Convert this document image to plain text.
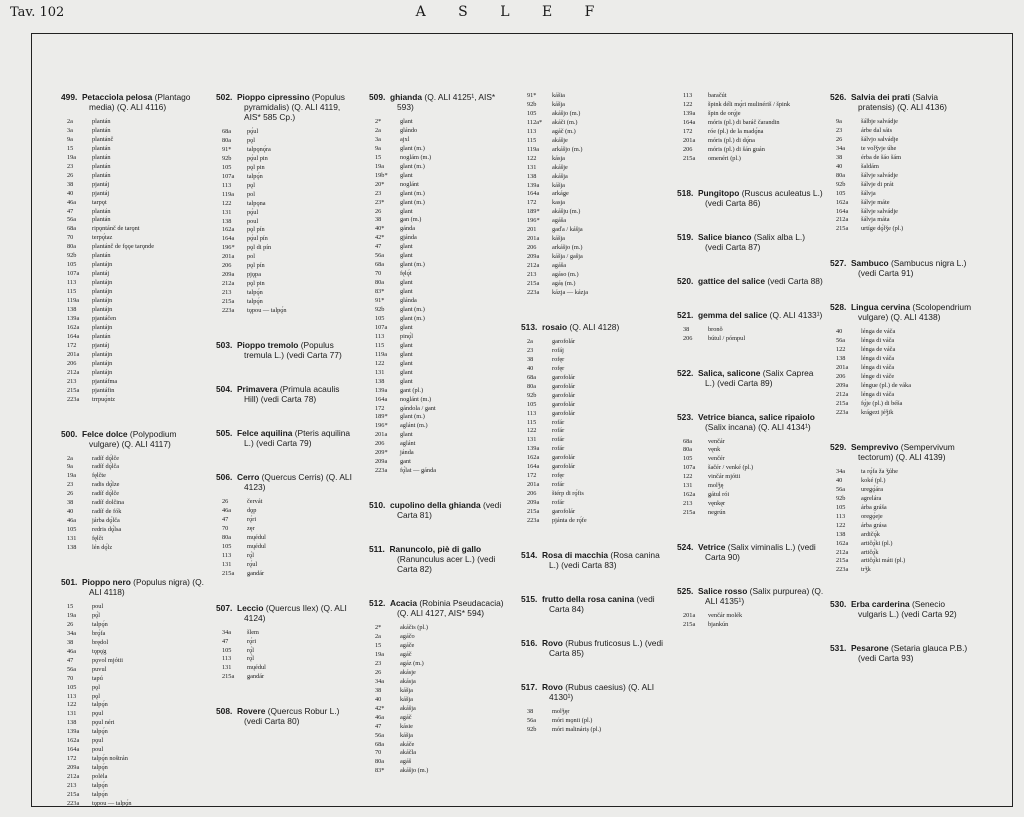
Tav. 102	A S L E F
499. Petacciola pelosa (Plantago media) (Q. ALI 4116)
2a	plantán
3a	plantán
9a	plantánč
15	plantán
19a	plantán
23	plantán
26	plantán
38	pjantáj
40	pjantáj
46a	tarpǫt
47	plantán
56a	plantán
68a	ripǫntánč de tarǫnt
70	terpǫ́taz
80a	plantánč de fǫǫe tarǫnde
92b	plantán
105	plantájn
107a	plantáj
113	plantájn
115	plantájn
119a	plantájn
138	plantájn
139a	pjantáčen
162a	plantájn
164a	plantán
172	pjantáj
201a	plantájn
206	plantájn
212a	plantájn
213	pjantáfma
215a	pjantáfin
223a	trrpuǫ́ntz
500. Felce dolce (Polypodium vulgare) (Q. ALI 4117)
2a	radíf dǫ́lče
9a	radíf dǫ́lča
19a	fęlčte
23	radis dǫ́lze
26	radíf dǫ́lče
38	radíf dolčina
40	radíf de fók
46a	járba dǫ́lča
105	redris dǫ́lsa
131	fęlčt
138	lén dǫ́lz
501. Pioppo nero (Populus nigra) (Q. ALI 4118)
15	poul
19a	pǫ́l
26	talpǫ́n
34a	brǫ́fa
38	brędol
46a	tǫpǫ̇g
47	pǫvol mjótii
56a	puvul
70	tapú
105	pǫl
113	pǫl
122	talpǫ́n
131	pǫul
138	pǫul néri
139a	talpǫ́n
162a	pǫul
164a	poul
172	talpǫ́n noštrán
209a	talpǫ́n
212a	polėla
213	talpǫ́n
215a	talpǫ́n
223a	tǫpou — talpǫ́n
502. Pioppo cipressino (Populus pyramidalis) (Q. ALI 4119, AIS* 585 Cp.)
68a	pǫ́ul
80a	pǫl
91*	talpǫnǫ́ra
92b	pǫ́ul pin
105	pǫl pin
107a	talpǫ́n
113	pǫl
119a	pol
122	talpǫna
131	pǫ́ul
138	poul
162a	pǫl pín
164a	pǫ́ul pín
196*	pǫl di pín
201a	pol
206	pǫl pín
209a	pjǫpa
212a	pǫl pin
213	talpǫ́n
215a	talpǫ́n
223a	tǫpou — talpǫ́n
503. Pioppo tremolo (Populus tremula L.) (vedi Carta 77)
504. Primavera (Primula acaulis Hill) (vedi Carta 78)
505. Felce aquilina (Pteris aquilina L.) (vedi Carta 79)
506. Cerro (Quercus Cerris) (Q. ALI 4123)
26	červát
46a	dǫp
47	rǫ́ri
70	zęr
80a	mųédul
105	mųédul
113	rǫ́l
131	rǫ́ul
215a	ǥandár
507. Leccio (Quercus Ilex) (Q. ALI 4124)
34a	šlem
47	rǫ́ri
105	rǫ́l
113	rǫ́l
131	mųédul
215a	ǥandár
508. Rovere (Quercus Robur L.) (vedi Carta 80)
509. ghianda (Q. ALI 4125¹, AIS* 593)
2*	glant
2a	glándo
3a	ajxl
9a	glant (m.)
15	noglám (m.)
19a	glant (m.)
19b*	glant
20*	noglánt
23	glant (m.)
23*	glant (m.)
26	glant
38	ǥan (m.)
40*	gánda
42*	gjánda
47	glant
56a	glant
68a	glant (m.)
70	fęlǫ́t
80a	glant
83*	glant
91*	glánda
92b	glant (m.)
105	glant (m.)
107a	glant
113	pinǫ́l
115	glant
119a	glant
122	glant
131	glant
138	glant
139a	ǥant (pl.)
164a	noglánt (m.)
172	gándola / ǥant
189*	glant (m.)
196*	aglánt (m.)
201a	glant
206	aglánt
209*	jánda
209a	ǥant
223a	fǫ́lat — ǥánda
510. cupolino della ghianda (vedi Carta 81)
511. Ranuncolo, piè di gallo (Ranunculus acer L.) (vedi Carta 82)
512. Acacia (Robinia Pseudacacia) (Q. ALI 4127, AIS* 594)
2*	akáčis (pl.)
2a	agáčo
15	agáče
19a	agáč
23	agáz (m.)
26	akásje
34a	akásja
38	kášja
40	kášja
42*	akášja
46a	agáč
47	kásie
56a	kášja
68a	akáče
70	akáčla
80a	agáš
83*	akášjo (m.)
91*	kášia
92b	kášja
105	akášjo (m.)
112a*	akáči (m.)
113	agáč (m.)
115	akášje
119a	arkášjo (m.)
122	kásja
131	akášje
138	akášja
139a	kášja
164a	arkáǥe
172	kasja
189*	akášju (m.)
196*	agáša
201	gaďa / kášja
201a	kášja
206	arkášjo (m.)
209a	kášja / gašja
212a	agáša
213	agáso (m.)
215a	agáș (m.)
223a	kázja — kázja
513. rosaio (Q. ALI 4128)
2a	garofolár
23	rofáj
38	rofęr
40	rofęr
68a	garofolár
80a	garofolár
92b	garofolár
105	garofolár
113	garofolár
115	rofár
122	rofár
131	rofár
139a	rofár
162a	garofolár
164a	garofolár
172	rofęr
201a	rofár
206	štérp di rǫ́fis
209a	rofár
215a	garofolár
223a	pjánta de rǫ́fe
514. Rosa di macchia (Rosa canina L.) (vedi Carta 83)
515. frutto della rosa canina (vedi Carta 84)
516. Rovo (Rubus fruticosus L.) (vedi Carta 85)
517. Rovo (Rubus caesius) (Q. ALI 4130¹)
38	molǯęr
56a	móri mǫnii (pl.)
92b	móri malináriș (pl.)
113	baračút
122	špink déli mǫ́ri mulinériš / špink
139a	špin de orǫ́je
164a	móris (pl.) di baráč čarandin
172	róe (pl.) de la madǫ́na
201a	móris (pl.) di dǫ́na
206	móris (pl.) di šán ǥuán
215a	omenéri (pl.)
518. Pungitopo (Ruscus aculeatus L.) (vedi Carta 86)
519. Salice bianco (Salix alba L.) (vedi Carta 87)
520. gattice del salice (vedi Carta 88)
521. gemma del salice (Q. ALI 4133¹)
38	bronǒ
206	bútul / pómpul
522. Salica, salicone (Salix Caprea L.) (vedi Carta 89)
523. Vetrice bianca, salice ripaiolo (Salix incana) (Q. ALI 4134¹)
68a	venčár
80a	vęnk
105	venčér
107a	šačér / venké (pl.)
122	vinčár mjótii
131	molǯę
162a	ǥátul rói
213	vęnkęr
215a	negrún
524. Vetrice (Salix viminalis L.) (vedi Carta 90)
525. Salice rosso (Salix purpurea) (Q. ALI 4135¹)
201a	venčár molék
215a	bjankún
526. Salvia dei prati (Salvia pratensis) (Q. ALI 4136)
9a	šálbje salvádje
23	árbe dal sáis
26	šálvjo salvádje
34a	te volǯvje úhe
38	érba de šáo šám
40	šaldám
80a	šálvje salvádje
92b	šálvje di prát
105	šálvja
162a	šálvje máte
164a	šálvje salvádje
212a	šálvja máta
215a	urtíge dǫ́lǯe (pl.)
527. Sambuco (Sambucus nigra L.) (vedi Carta 91)
528. Lingua cervina (Scolopendrium vulgare) (Q. ALI 4138)
40	lénga de váča
56a	lénga di váča
122	lénga de váča
138	lénga di váča
201a	lénga di váča
206	lénge di váče
209a	léngue (pl.) de váka
212a	lénga di váča
215a	fǫ́je (pl.) di béša
223a	kráǥezi jéǯik
529. Semprevivo (Sempervivum tectorum) (Q. ALI 4139)
34a	ta rǫ́fa ža ǯúhe
40	koké (pl.)
56a	ureǥǫ́ára
92b	agrelára
105	árba gráša
113	oregǫ́eje
122	árba grása
138	ardičǫ́k
162a	artičǫ́ki (pl.)
212a	artičǫ́k
215a	artičǫ́ki máti (pl.)
223a	trǯk
530. Erba carderina (Senecio vulgaris L.) (vedi Carta 92)
531. Pesarone (Setaria glauca P.B.) (vedi Carta 93)
